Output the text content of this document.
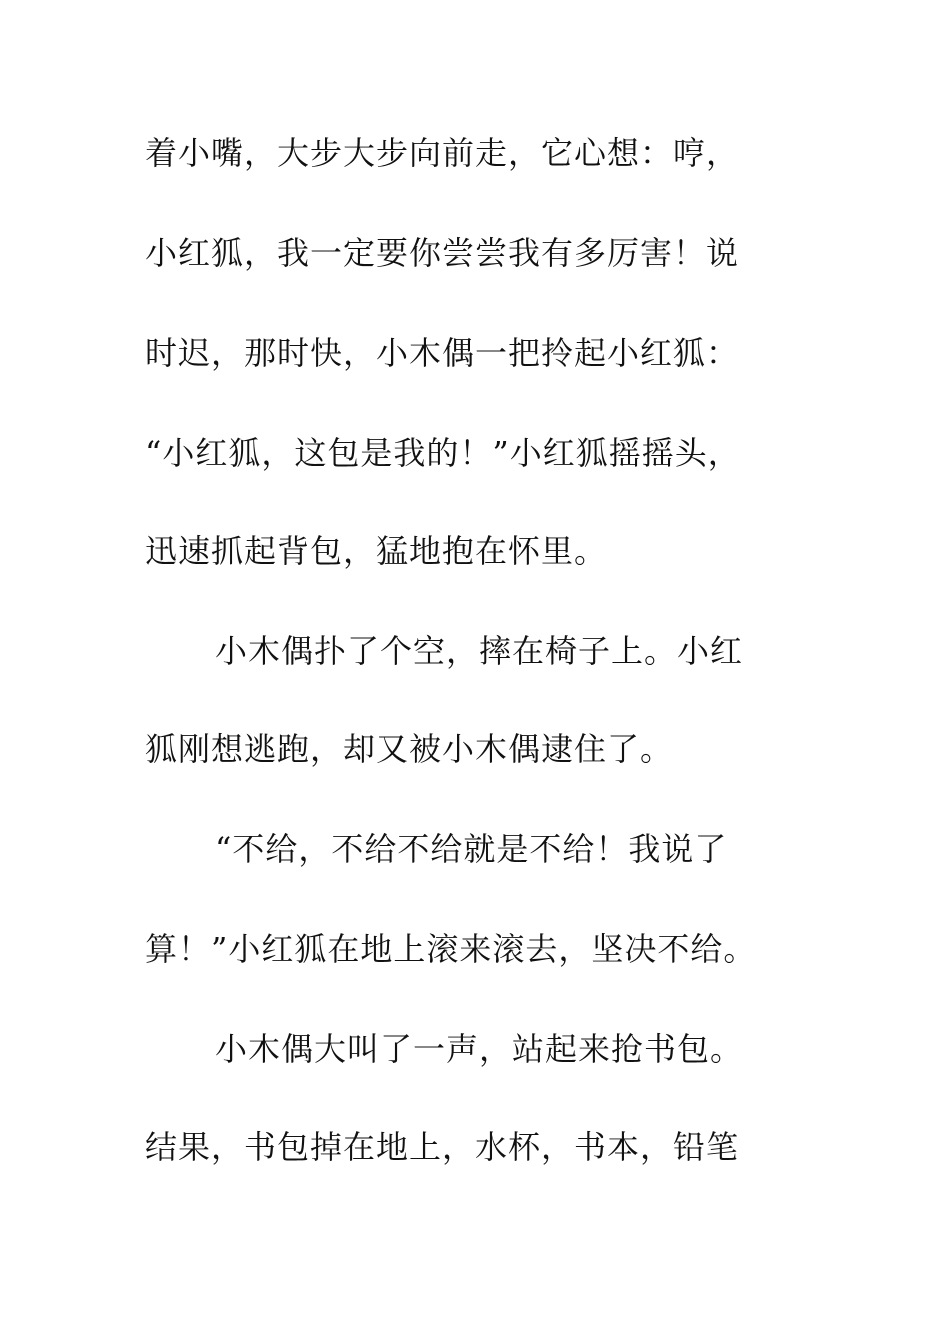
着小嘴，大步大步向前走，它心想：哼，
小红狐，我一定要你尝尝我有多厉害！说
时迟，那时快，小木偶一把拎起小红狐：
“小红狐，这包是我的！”小红狐摇摇头，
迅速抓起背包，猛地抱在怀里。
小木偶扑了个空，摔在椅子上。小红
狐刚想逃跑，却又被小木偶逮住了。
“不给，不给不给就是不给！我说了
算！”小红狐在地上滚来滚去，坚决不给。
小木偶大叫了一声，站起来抢书包。
结果，书包掉在地上，水杯，书本，铅笔
